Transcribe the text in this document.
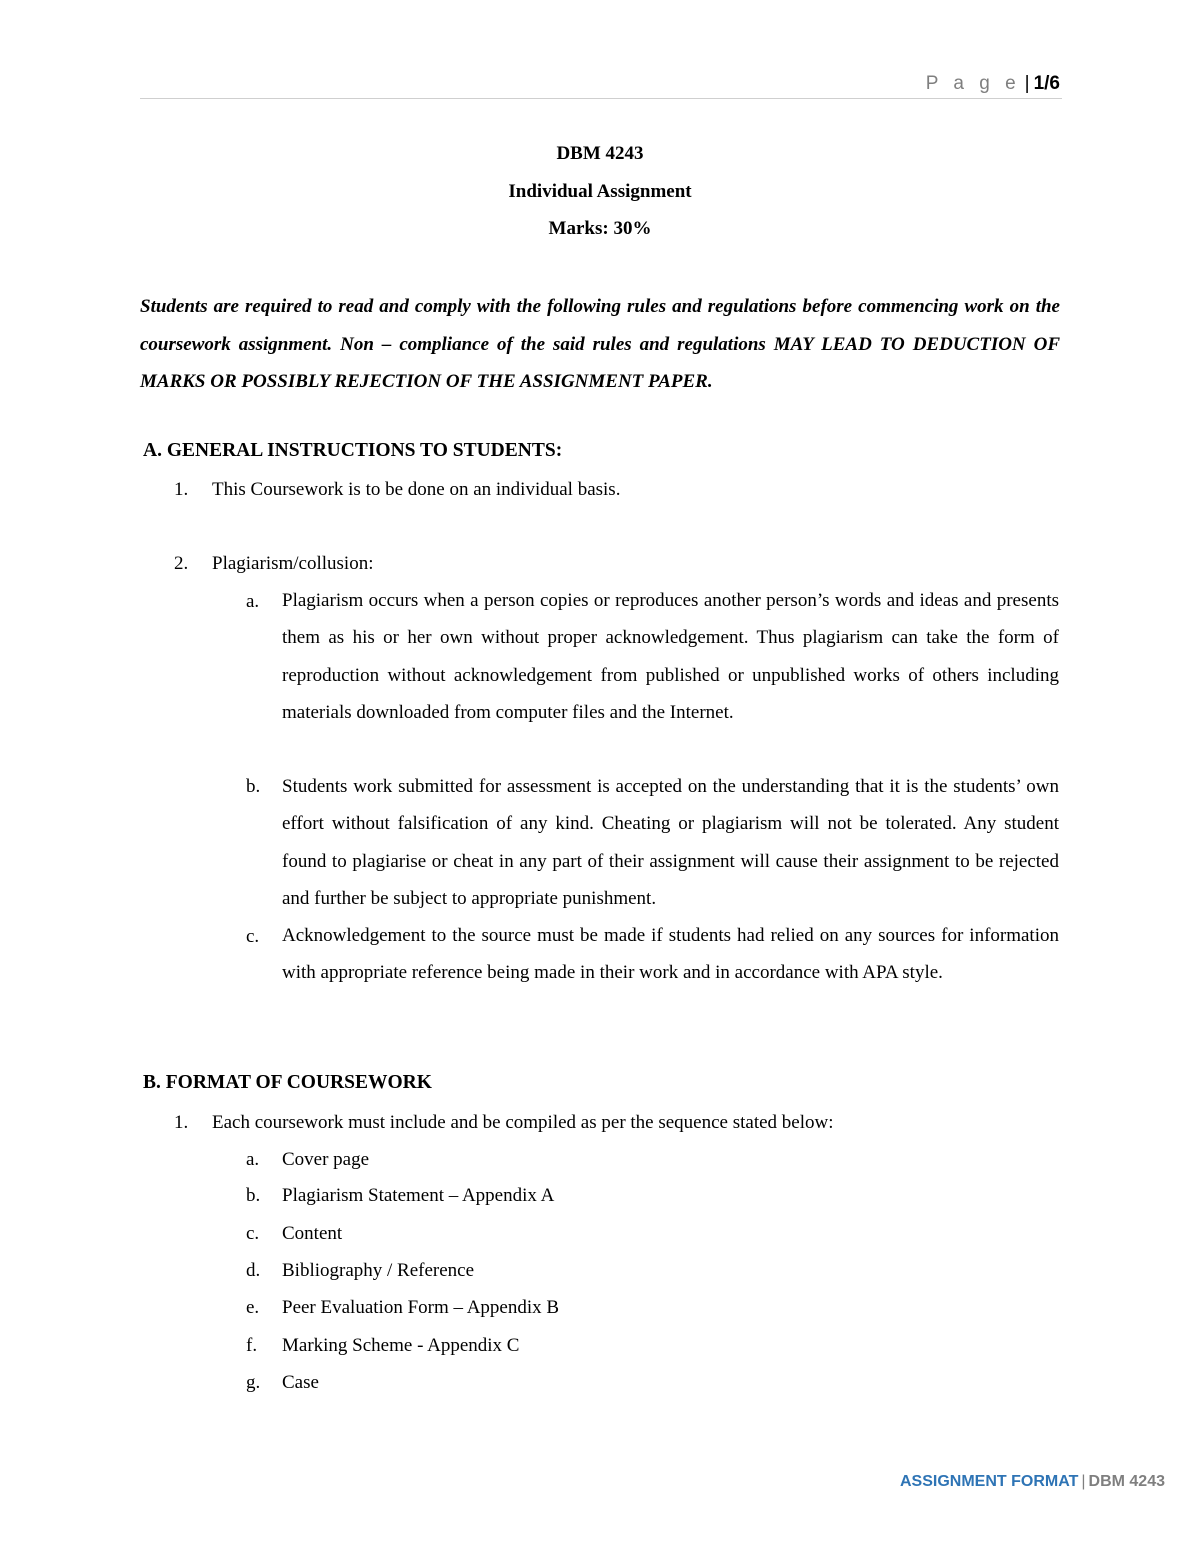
P a g e | 1/6
DBM 4243
Individual Assignment
Marks: 30%
Students are required to read and comply with the following rules and regulations before commencing work on the coursework assignment. Non – compliance of the said rules and regulations MAY LEAD TO DEDUCTION OF MARKS OR POSSIBLY REJECTION OF THE ASSIGNMENT PAPER.
A. GENERAL INSTRUCTIONS TO STUDENTS:
1. This Coursework is to be done on an individual basis.
2. Plagiarism/collusion:
a. Plagiarism occurs when a person copies or reproduces another person’s words and ideas and presents them as his or her own without proper acknowledgement. Thus plagiarism can take the form of reproduction without acknowledgement from published or unpublished works of others including materials downloaded from computer files and the Internet.
b. Students work submitted for assessment is accepted on the understanding that it is the students’ own effort without falsification of any kind. Cheating or plagiarism will not be tolerated. Any student found to plagiarise or cheat in any part of their assignment will cause their assignment to be rejected and further be subject to appropriate punishment.
c. Acknowledgement to the source must be made if students had relied on any sources for information with appropriate reference being made in their work and in accordance with APA style.
B. FORMAT OF COURSEWORK
1. Each coursework must include and be compiled as per the sequence stated below:
a. Cover page
b. Plagiarism Statement – Appendix A
c. Content
d. Bibliography / Reference
e. Peer Evaluation Form – Appendix B
f. Marking Scheme - Appendix C
g. Case
ASSIGNMENT FORMAT | DBM 4243
